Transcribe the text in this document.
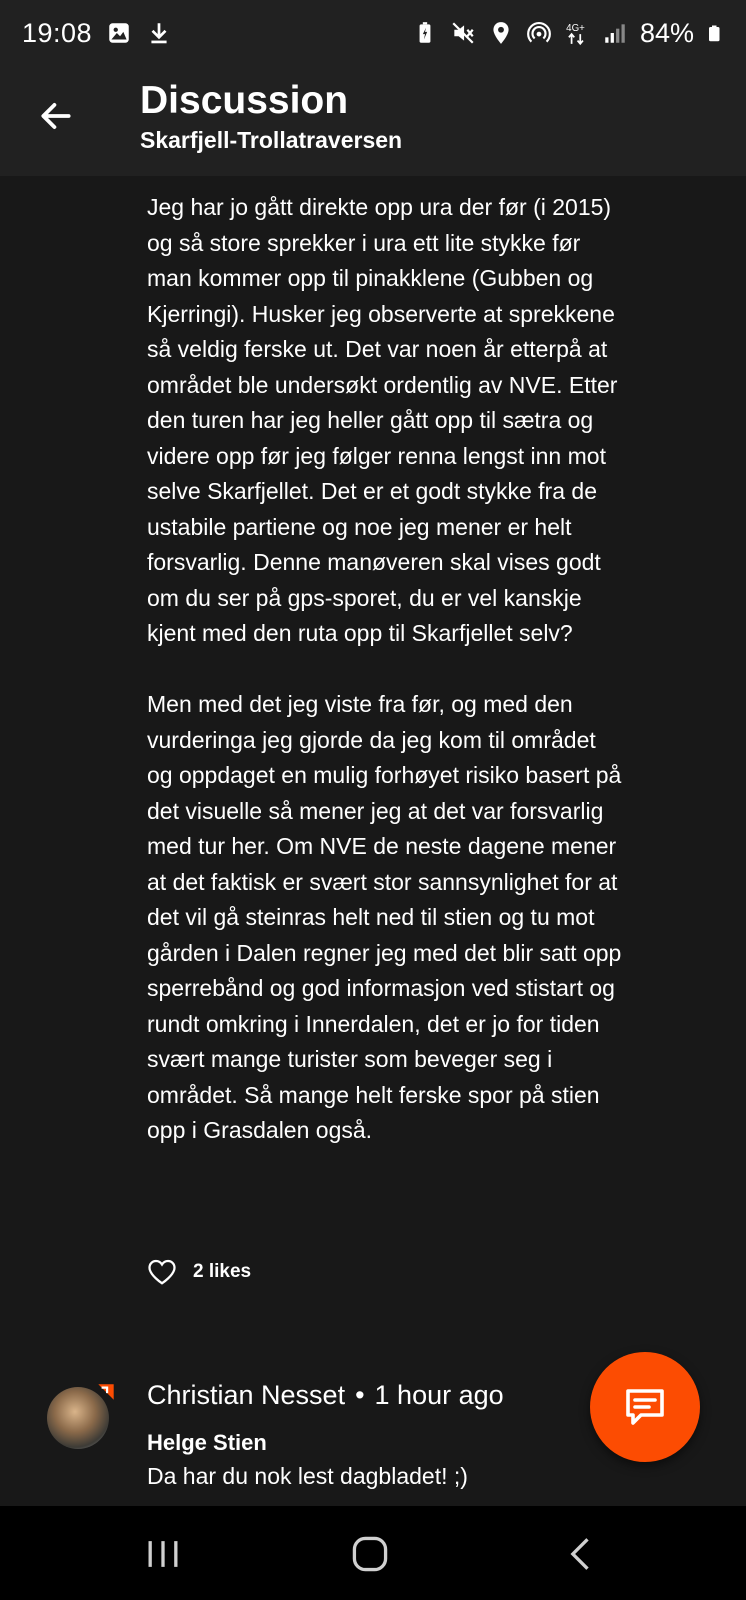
19:08	4G+ 84%
Discussion
Skarfjell-Trollatraversen

Jeg har jo gått direkte opp ura der før (i 2015) og så store sprekker i ura ett lite stykke før man kommer opp til pinakklene (Gubben og Kjerringi). Husker jeg observerte at sprekkene så veldig ferske ut. Det var noen år etterpå at området ble undersøkt ordentlig av NVE. Etter den turen har jeg heller gått opp til sætra og videre opp før jeg følger renna lengst inn mot selve Skarfjellet. Det er et godt stykke fra de ustabile partiene og noe jeg mener er helt forsvarlig. Denne manøveren skal vises godt om du ser på gps-sporet, du er vel kanskje kjent med den ruta opp til Skarfjellet selv?

Men med det jeg viste fra før, og med den vurderinga jeg gjorde da jeg kom til området og oppdaget en mulig forhøyet risiko basert på det visuelle så mener jeg at det var forsvarlig med tur her. Om NVE de neste dagene mener at det faktisk er svært stor sannsynlighet for at det vil gå steinras helt ned til stien og tu mot gården i Dalen regner jeg med det blir satt opp sperrebånd og god informasjon ved stistart og rundt omkring i Innerdalen, det er jo for tiden svært mange turister som beveger seg i området. Så mange helt ferske spor på stien opp i Grasdalen også.

2 likes
Christian Nesset • 1 hour ago
Helge Stien
Da har du nok lest dagbladet! ;)
